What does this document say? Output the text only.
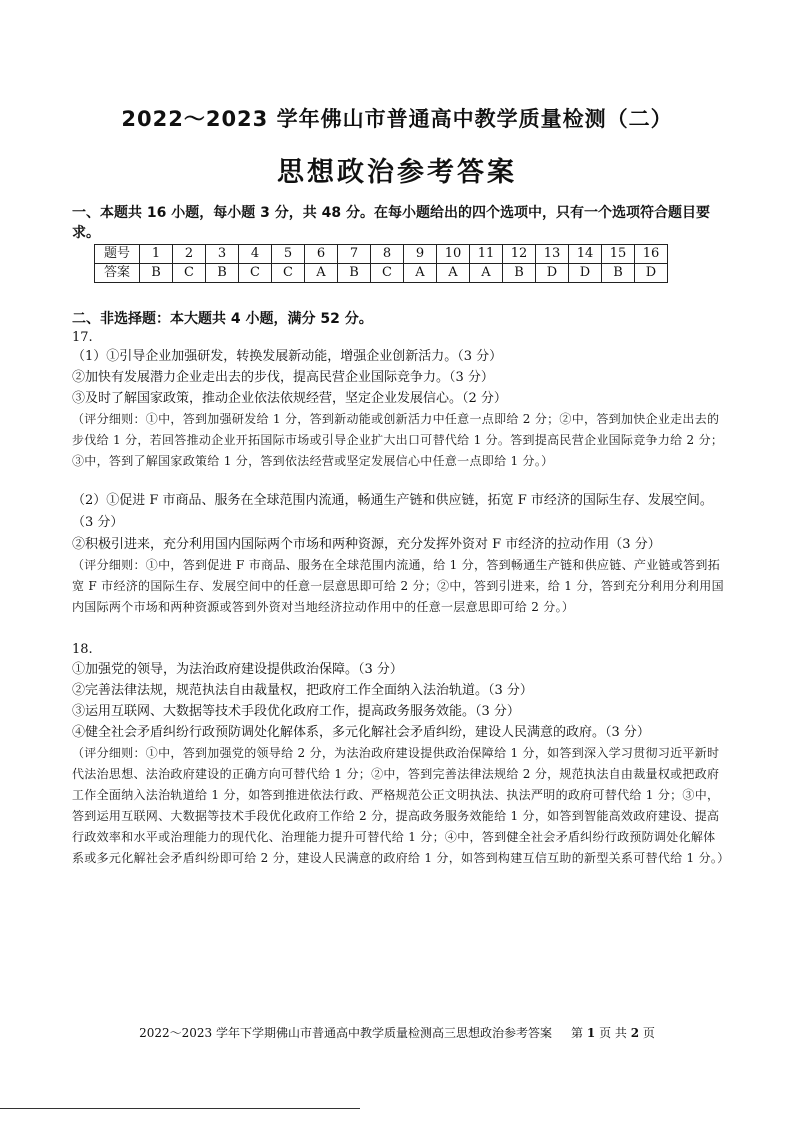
2022～2023 学年佛山市普通高中教学质量检测（二）
思想政治参考答案
一、本题共 16 小题，每小题 3 分，共 48 分。在每小题给出的四个选项中，只有一个选项符合题目要求。
题号	1	2	3	4	5	6	7	8	9	10	11	12	13	14	15	16
答案	B	C	B	C	C	A	B	C	A	A	A	B	D	D	B	D
二、非选择题：本大题共 4 小题，满分 52 分。
17.
（1）①引导企业加强研发，转换发展新动能，增强企业创新活力。（3 分）
②加快有发展潜力企业走出去的步伐，提高民营企业国际竞争力。（3 分）
③及时了解国家政策，推动企业依法依规经营，坚定企业发展信心。（2 分）
（评分细则：①中，答到加强研发给 1 分，答到新动能或创新活力中任意一点即给 2 分；②中，答到加快企业走出去的步伐给 1 分，若回答推动企业开拓国际市场或引导企业扩大出口可替代给 1 分。答到提高民营企业国际竞争力给 2 分；③中，答到了解国家政策给 1 分，答到依法经营或坚定发展信心中任意一点即给 1 分。）
（2）①促进 F 市商品、服务在全球范围内流通，畅通生产链和供应链，拓宽 F 市经济的国际生存、发展空间。（3 分）
②积极引进来，充分利用国内国际两个市场和两种资源，充分发挥外资对 F 市经济的拉动作用（3 分）
（评分细则：①中，答到促进 F 市商品、服务在全球范围内流通，给 1 分，答到畅通生产链和供应链、产业链或答到拓宽 F 市经济的国际生存、发展空间中的任意一层意思即可给 2 分；②中，答到引进来，给 1 分，答到充分利用分利用国内国际两个市场和两种资源或答到外资对当地经济拉动作用中的任意一层意思即可给 2 分。）
18.
①加强党的领导，为法治政府建设提供政治保障。（3 分）
②完善法律法规，规范执法自由裁量权，把政府工作全面纳入法治轨道。（3 分）
③运用互联网、大数据等技术手段优化政府工作，提高政务服务效能。（3 分）
④健全社会矛盾纠纷行政预防调处化解体系，多元化解社会矛盾纠纷，建设人民满意的政府。（3 分）
（评分细则：①中，答到加强党的领导给 2 分，为法治政府建设提供政治保障给 1 分，如答到深入学习贯彻习近平新时代法治思想、法治政府建设的正确方向可替代给 1 分；②中，答到完善法律法规给 2 分，规范执法自由裁量权或把政府工作全面纳入法治轨道给 1 分，如答到推进依法行政、严格规范公正文明执法、执法严明的政府可替代给 1 分；③中，答到运用互联网、大数据等技术手段优化政府工作给 2 分，提高政务服务效能给 1 分，如答到智能高效政府建设、提高行政效率和水平或治理能力的现代化、治理能力提升可替代给 1 分；④中，答到健全社会矛盾纠纷行政预防调处化解体系或多元化解社会矛盾纠纷即可给 2 分，建设人民满意的政府给 1 分，如答到构建互信互助的新型关系可替代给 1 分。）
2022～2023 学年下学期佛山市普通高中教学质量检测高三思想政治参考答案 第 1 页 共 2 页
